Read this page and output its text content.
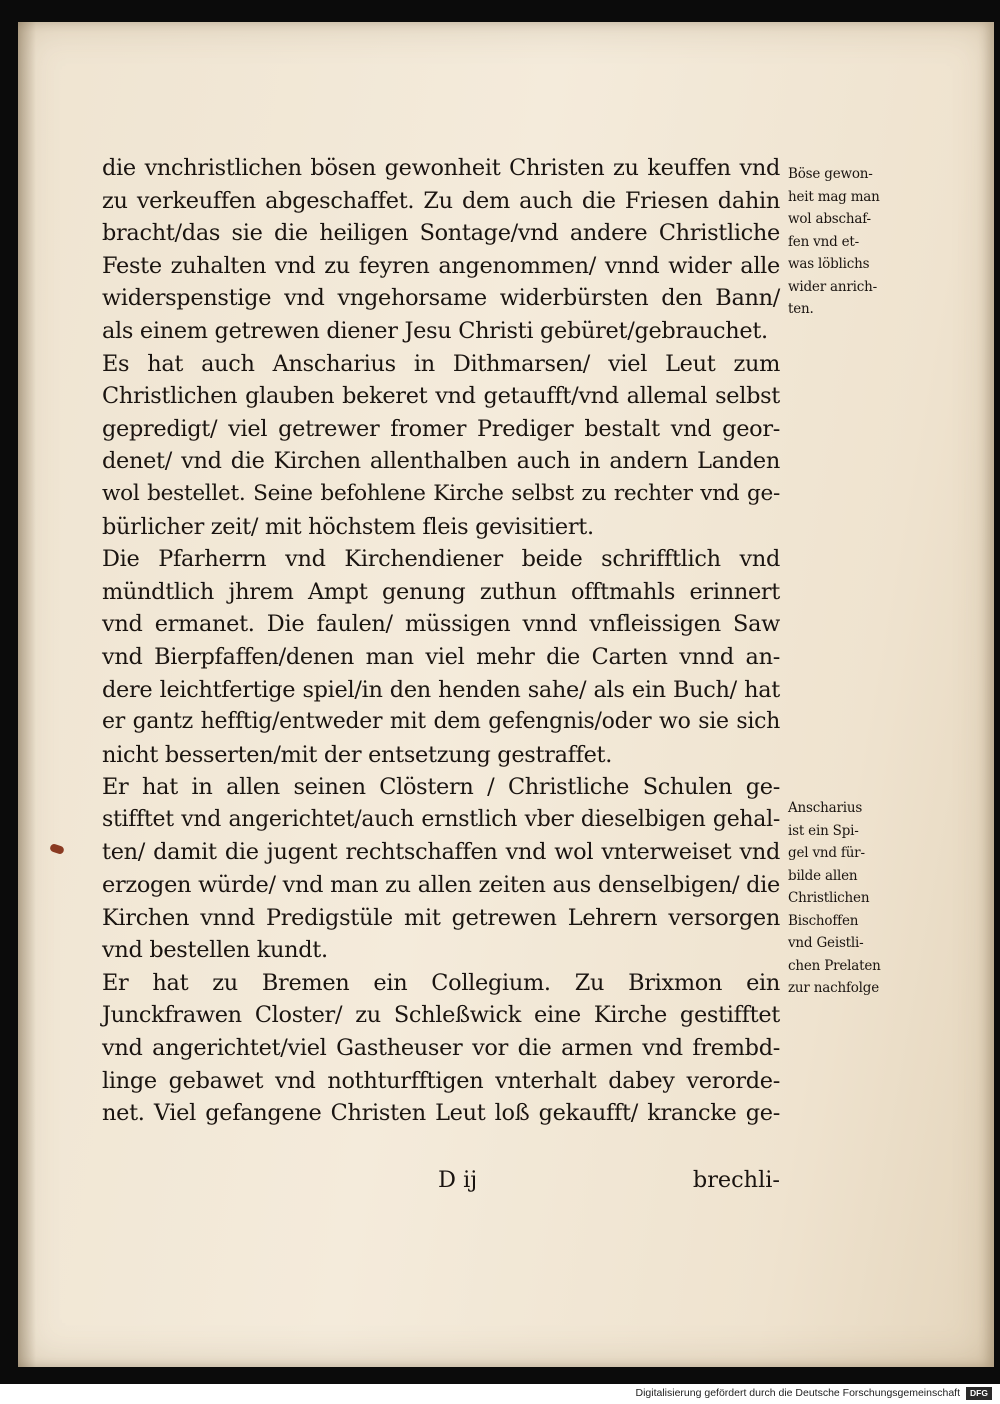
die vnchristlichen bösen gewonheit Christen zu keuffen vnd
zu verkeuffen abgeschaffet. Zu dem auch die Friesen dahin
bracht/das sie die heiligen Sontage/vnd andere Christliche
Feste zuhalten vnd zu feyren angenommen/ vnnd wider alle
widerspenstige vnd vngehorsame widerbürsten den Bann/
als einem getrewen diener Jesu Christi gebüret/gebrauchet.
Es hat auch Anscharius in Dithmarsen/ viel Leut zum
Christlichen glauben bekeret vnd getaufft/vnd allemal selbst
gepredigt/ viel getrewer fromer Prediger bestalt vnd geor-
denet/ vnd die Kirchen allenthalben auch in andern Landen
wol bestellet. Seine befohlene Kirche selbst zu rechter vnd ge-
bürlicher zeit/ mit höchstem fleis gevisitiert.
Die Pfarherrn vnd Kirchendiener beide schrifftlich vnd
mündtlich jhrem Ampt genung zuthun offtmahls erinnert
vnd ermanet. Die faulen/ müssigen vnnd vnfleissigen Saw
vnd Bierpfaffen/denen man viel mehr die Carten vnnd an-
dere leichtfertige spiel/in den henden sahe/ als ein Buch/ hat
er gantz hefftig/entweder mit dem gefengnis/oder wo sie sich
nicht besserten/mit der entsetzung gestraffet.
Er hat in allen seinen Clöstern / Christliche Schulen ge-
stifftet vnd angerichtet/auch ernstlich vber dieselbigen gehal-
ten/ damit die jugent rechtschaffen vnd wol vnterweiset vnd
erzogen würde/ vnd man zu allen zeiten aus denselbigen/ die
Kirchen vnnd Predigstüle mit getrewen Lehrern versorgen
vnd bestellen kundt.
Er hat zu Bremen ein Collegium. Zu Brixmon ein
Junckfrawen Closter/ zu Schleßwick eine Kirche gestifftet
vnd angerichtet/viel Gastheuser vor die armen vnd frembd-
linge gebawet vnd nothturfftigen vnterhalt dabey verorde-
net. Viel gefangene Christen Leut loß gekaufft/ krancke ge-
Böse gewon-
heit mag man
wol abschaf-
fen vnd et-
was löblichs
wider anrich-
ten.
Anscharius
ist ein Spi-
gel vnd für-
bilde allen
Christlichen
Bischoffen
vnd Geistli-
chen Prelaten
zur nachfolge
D ij	brechli-
Digitalisierung gefördert durch die Deutsche Forschungsgemeinschaft	DFG
